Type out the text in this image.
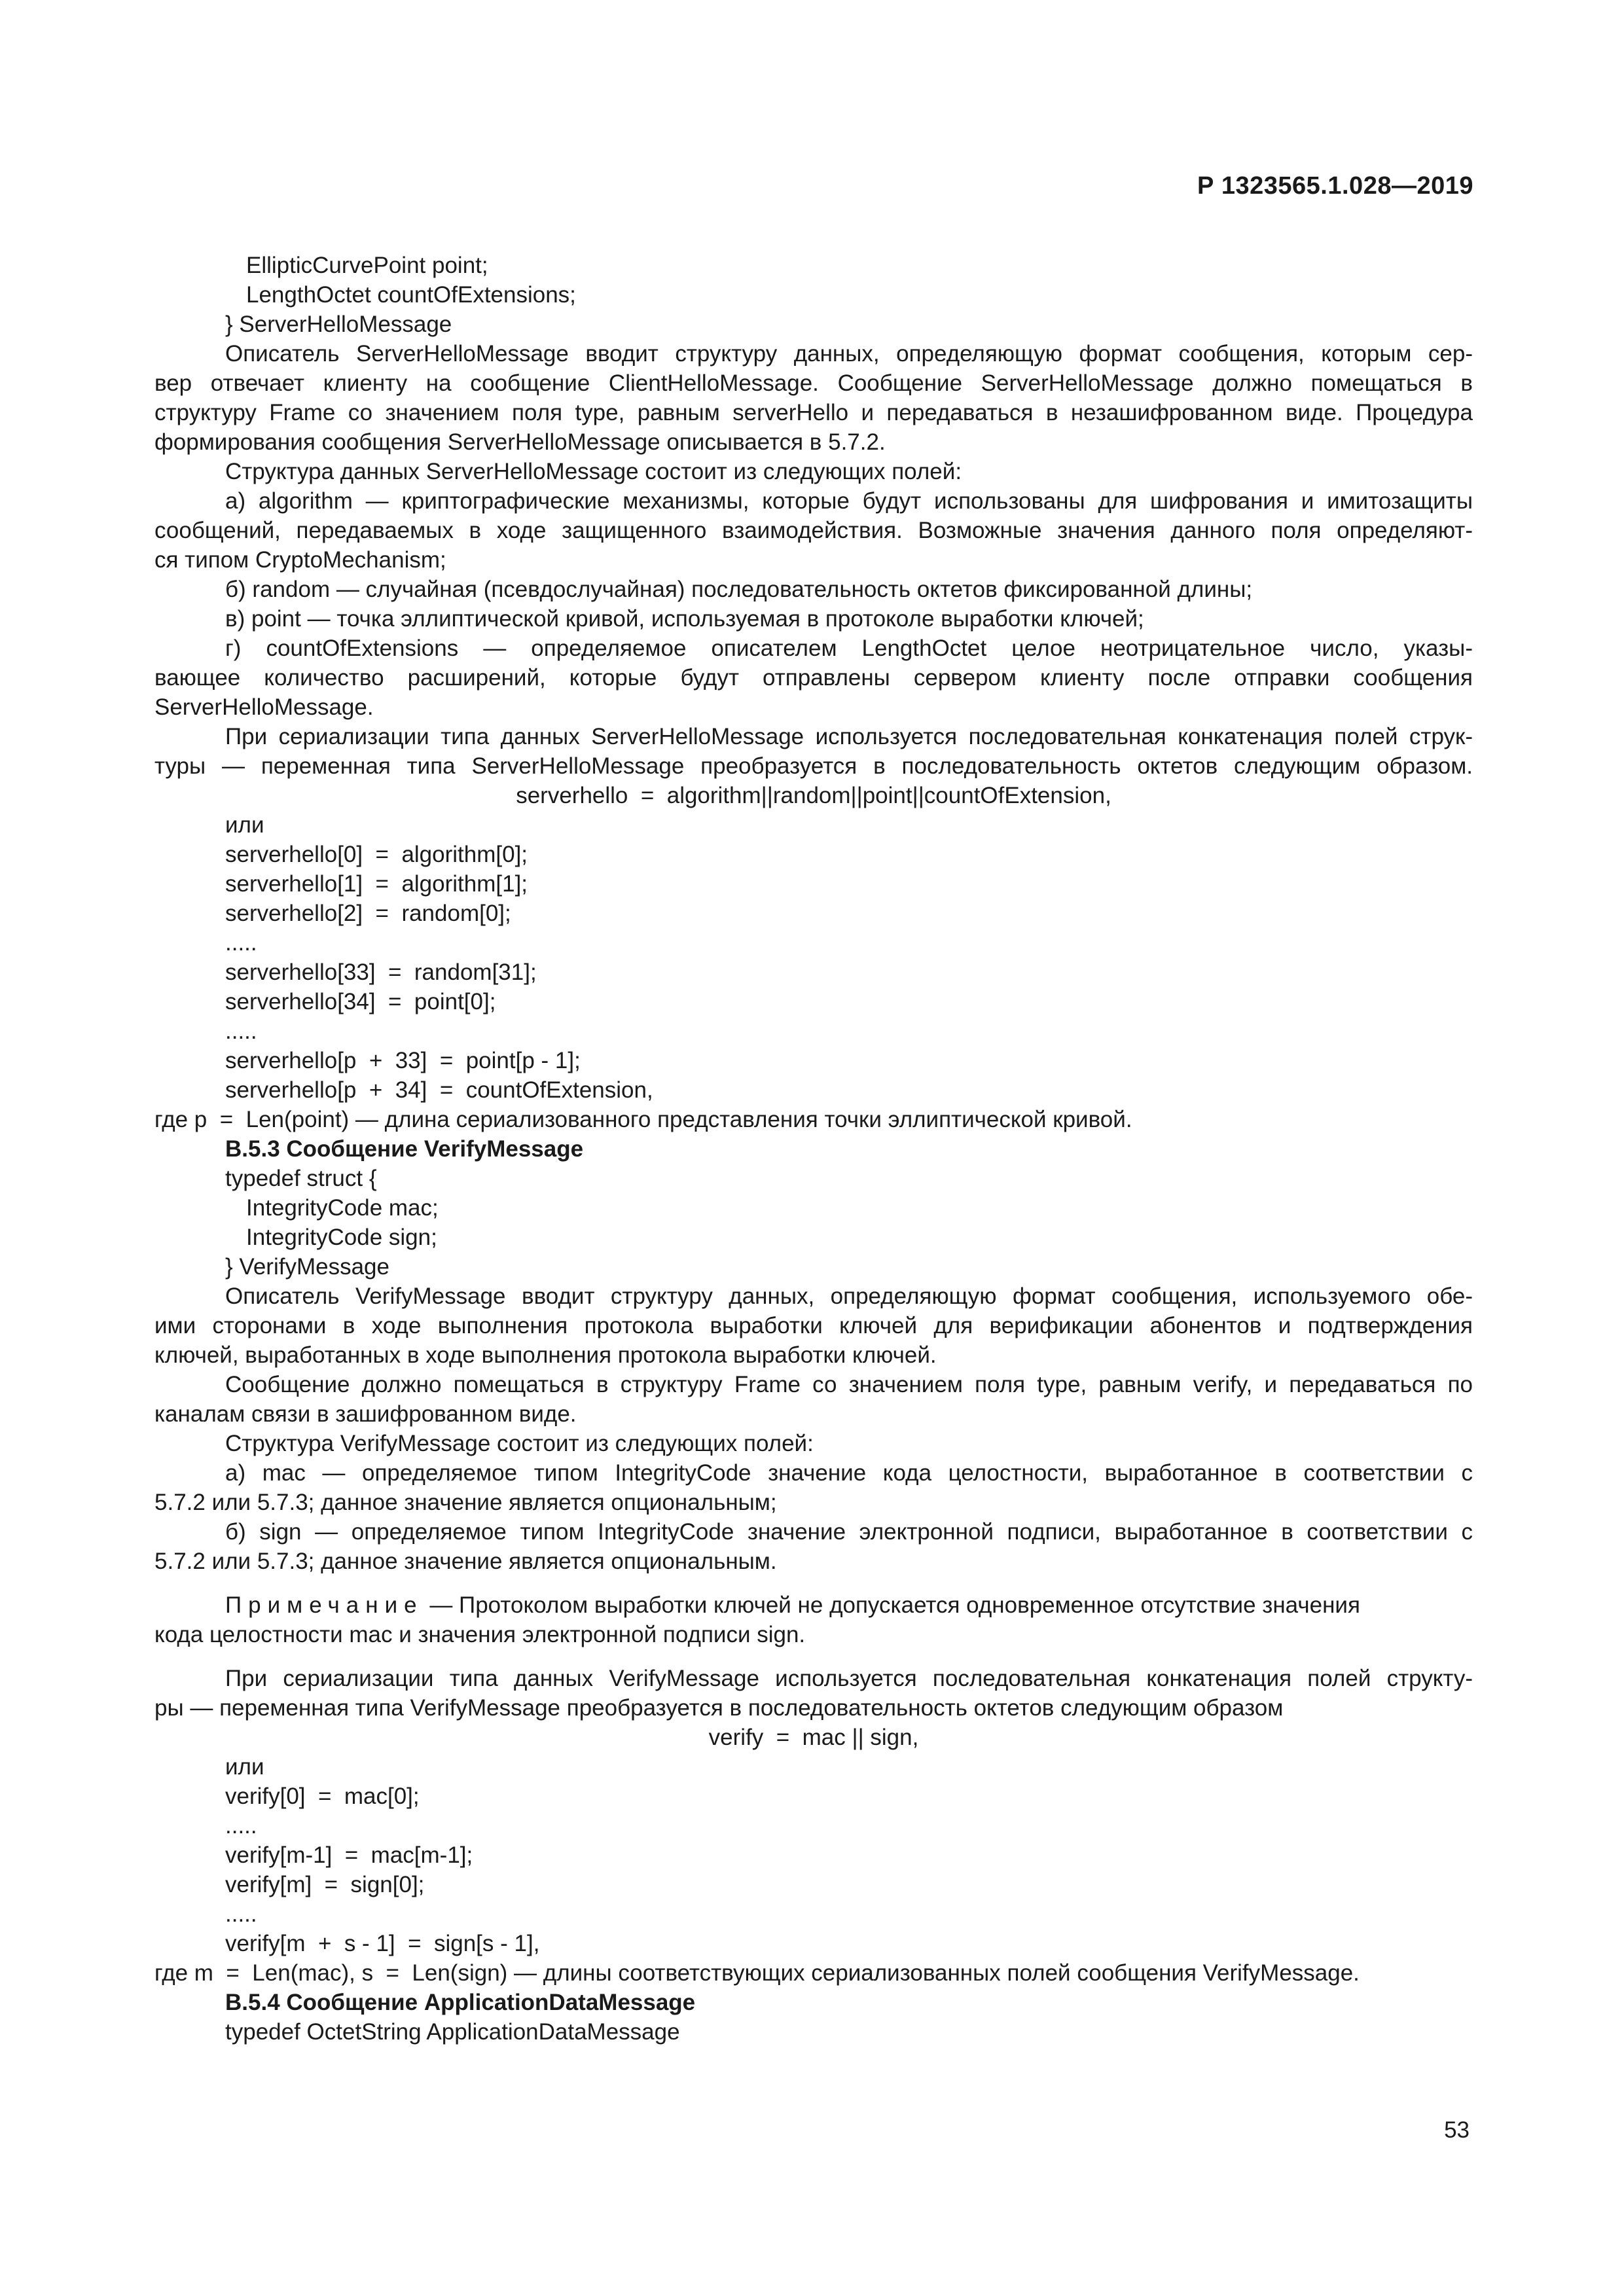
Р 1323565.1.028—2019

EllipticCurvePoint point;

LengthOctet countOfExtensions;

} ServerHelloMessage

Описатель ServerHelloMessage вводит структуру данных, определяющую формат сообщения, которым сер-

вер отвечает клиенту на сообщение ClientHelloMessage. Сообщение ServerHelloMessage должно помещаться в

структуру Frame со значением поля type, равным serverHello и передаваться в незашифрованном виде. Процедура

формирования сообщения ServerHelloMessage описывается в 5.7.2.

Структура данных ServerHelloMessage состоит из следующих полей:

а) algorithm — криптографические механизмы, которые будут использованы для шифрования и имитозащиты

сообщений, передаваемых в ходе защищенного взаимодействия. Возможные значения данного поля определяют-

ся типом CryptoMechanism;

б) random — случайная (псевдослучайная) последовательность октетов фиксированной длины;

в) point — точка эллиптической кривой, используемая в протоколе выработки ключей;

г) countOfExtensions — определяемое описателем LengthOctet целое неотрицательное число, указы-

вающее количество расширений, которые будут отправлены сервером клиенту после отправки сообщения

ServerHelloMessage.

При сериализации типа данных ServerHelloMessage используется последовательная конкатенация полей струк-

туры — переменная типа ServerHelloMessage преобразуется в последовательность октетов следующим образом.

serverhello  =  algorithm||random||point||countOfExtension,

или

serverhello[0]  =  algorithm[0];

serverhello[1]  =  algorithm[1];

serverhello[2]  =  random[0];

.....

serverhello[33]  =  random[31];

serverhello[34]  =  point[0];

.....

serverhello[p  +  33]  =  point[p - 1];

serverhello[p  +  34]  =  countOfExtension,

где p  =  Len(point) — длина сериализованного представления точки эллиптической кривой.

В.5.3 Сообщение VerifyMessage

typedef struct {

IntegrityCode mac;

IntegrityCode sign;

} VerifyMessage

Описатель VerifyMessage вводит структуру данных, определяющую формат сообщения, используемого обе-

ими сторонами в ходе выполнения протокола выработки ключей для верификации абонентов и подтверждения

ключей, выработанных в ходе выполнения протокола выработки ключей.

Сообщение должно помещаться в структуру Frame со значением поля type, равным verify, и передаваться по

каналам связи в зашифрованном виде.

Структура VerifyMessage состоит из следующих полей:

а) mac — определяемое типом IntegrityCode значение кода целостности, выработанное в соответствии с

5.7.2 или 5.7.3; данное значение является опциональным;

б) sign — определяемое типом IntegrityCode значение электронной подписи, выработанное в соответствии с

5.7.2 или 5.7.3; данное значение является опциональным.

Примечание — Протоколом выработки ключей не допускается одновременное отсутствие значения

кода целостности mac и значения электронной подписи sign.

При сериализации типа данных VerifyMessage используется последовательная конкатенация полей структу-

ры — переменная типа VerifyMessage преобразуется в последовательность октетов следующим образом

verify  =  mac || sign,

или

verify[0]  =  mac[0];

.....

verify[m-1]  =  mac[m-1];

verify[m]  =  sign[0];

.....

verify[m  +  s - 1]  =  sign[s - 1],

где m  =  Len(mac), s  =  Len(sign) — длины соответствующих сериализованных полей сообщения VerifyMessage.

В.5.4 Сообщение ApplicationDataMessage

typedef OctetString ApplicationDataMessage

53
